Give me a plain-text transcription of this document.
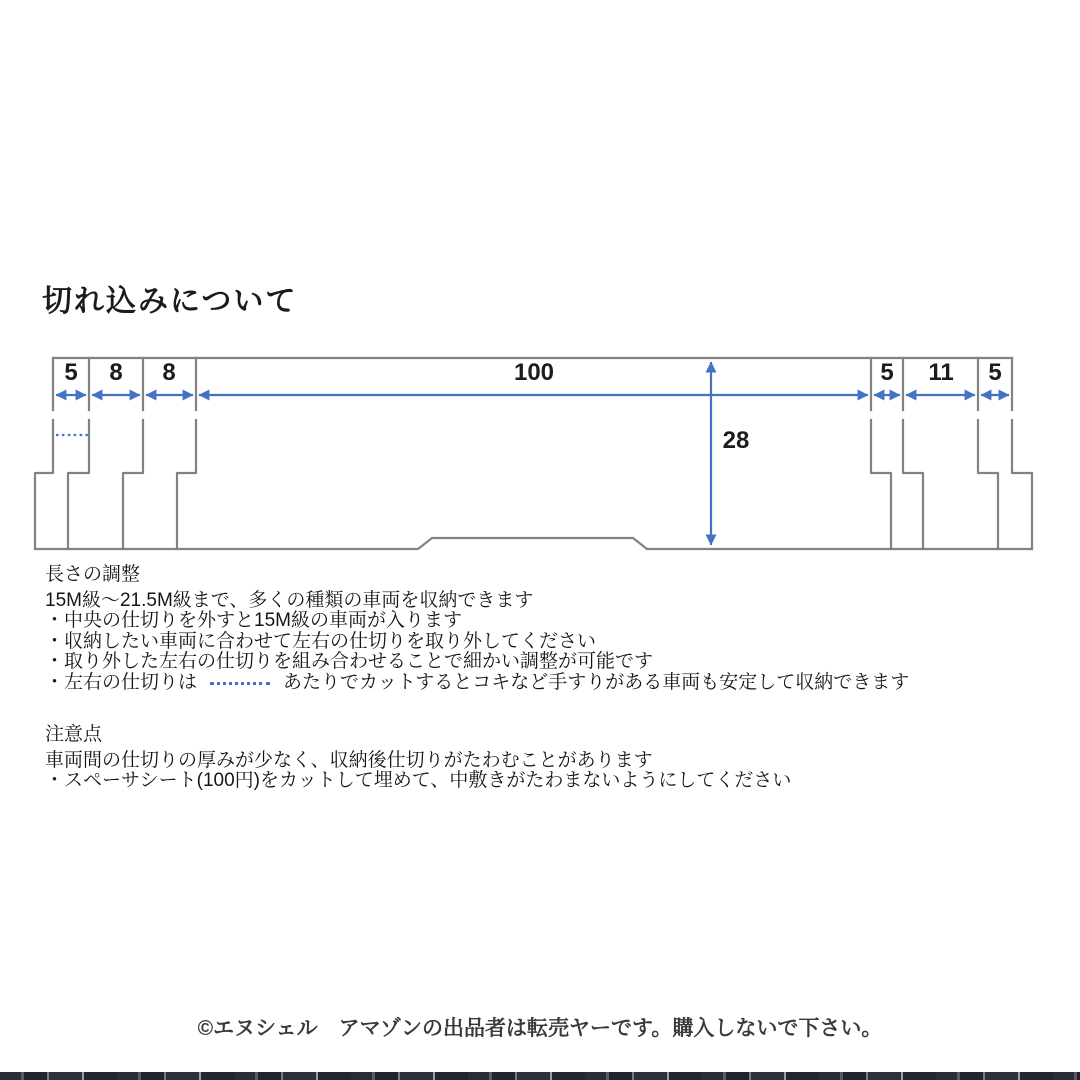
切れ込みについて
5 8 8	100	5 11 5
28
長さの調整
15M級〜21.5M級まで、多くの種類の車両を収納できます
・中央の仕切りを外すと15M級の車両が入ります
・収納したい車両に合わせて左右の仕切りを取り外してください
・取り外した左右の仕切りを組み合わせることで細かい調整が可能です
・左右の仕切りは	あたりでカットするとコキなど手すりがある車両も安定して収納できます
注意点
車両間の仕切りの厚みが少なく、収納後仕切りがたわむことがあります
・スペーサシート(100円)をカットして埋めて、中敷きがたわまないようにしてください
©エヌシェル　アマゾンの出品者は転売ヤーです。購入しないで下さい。
